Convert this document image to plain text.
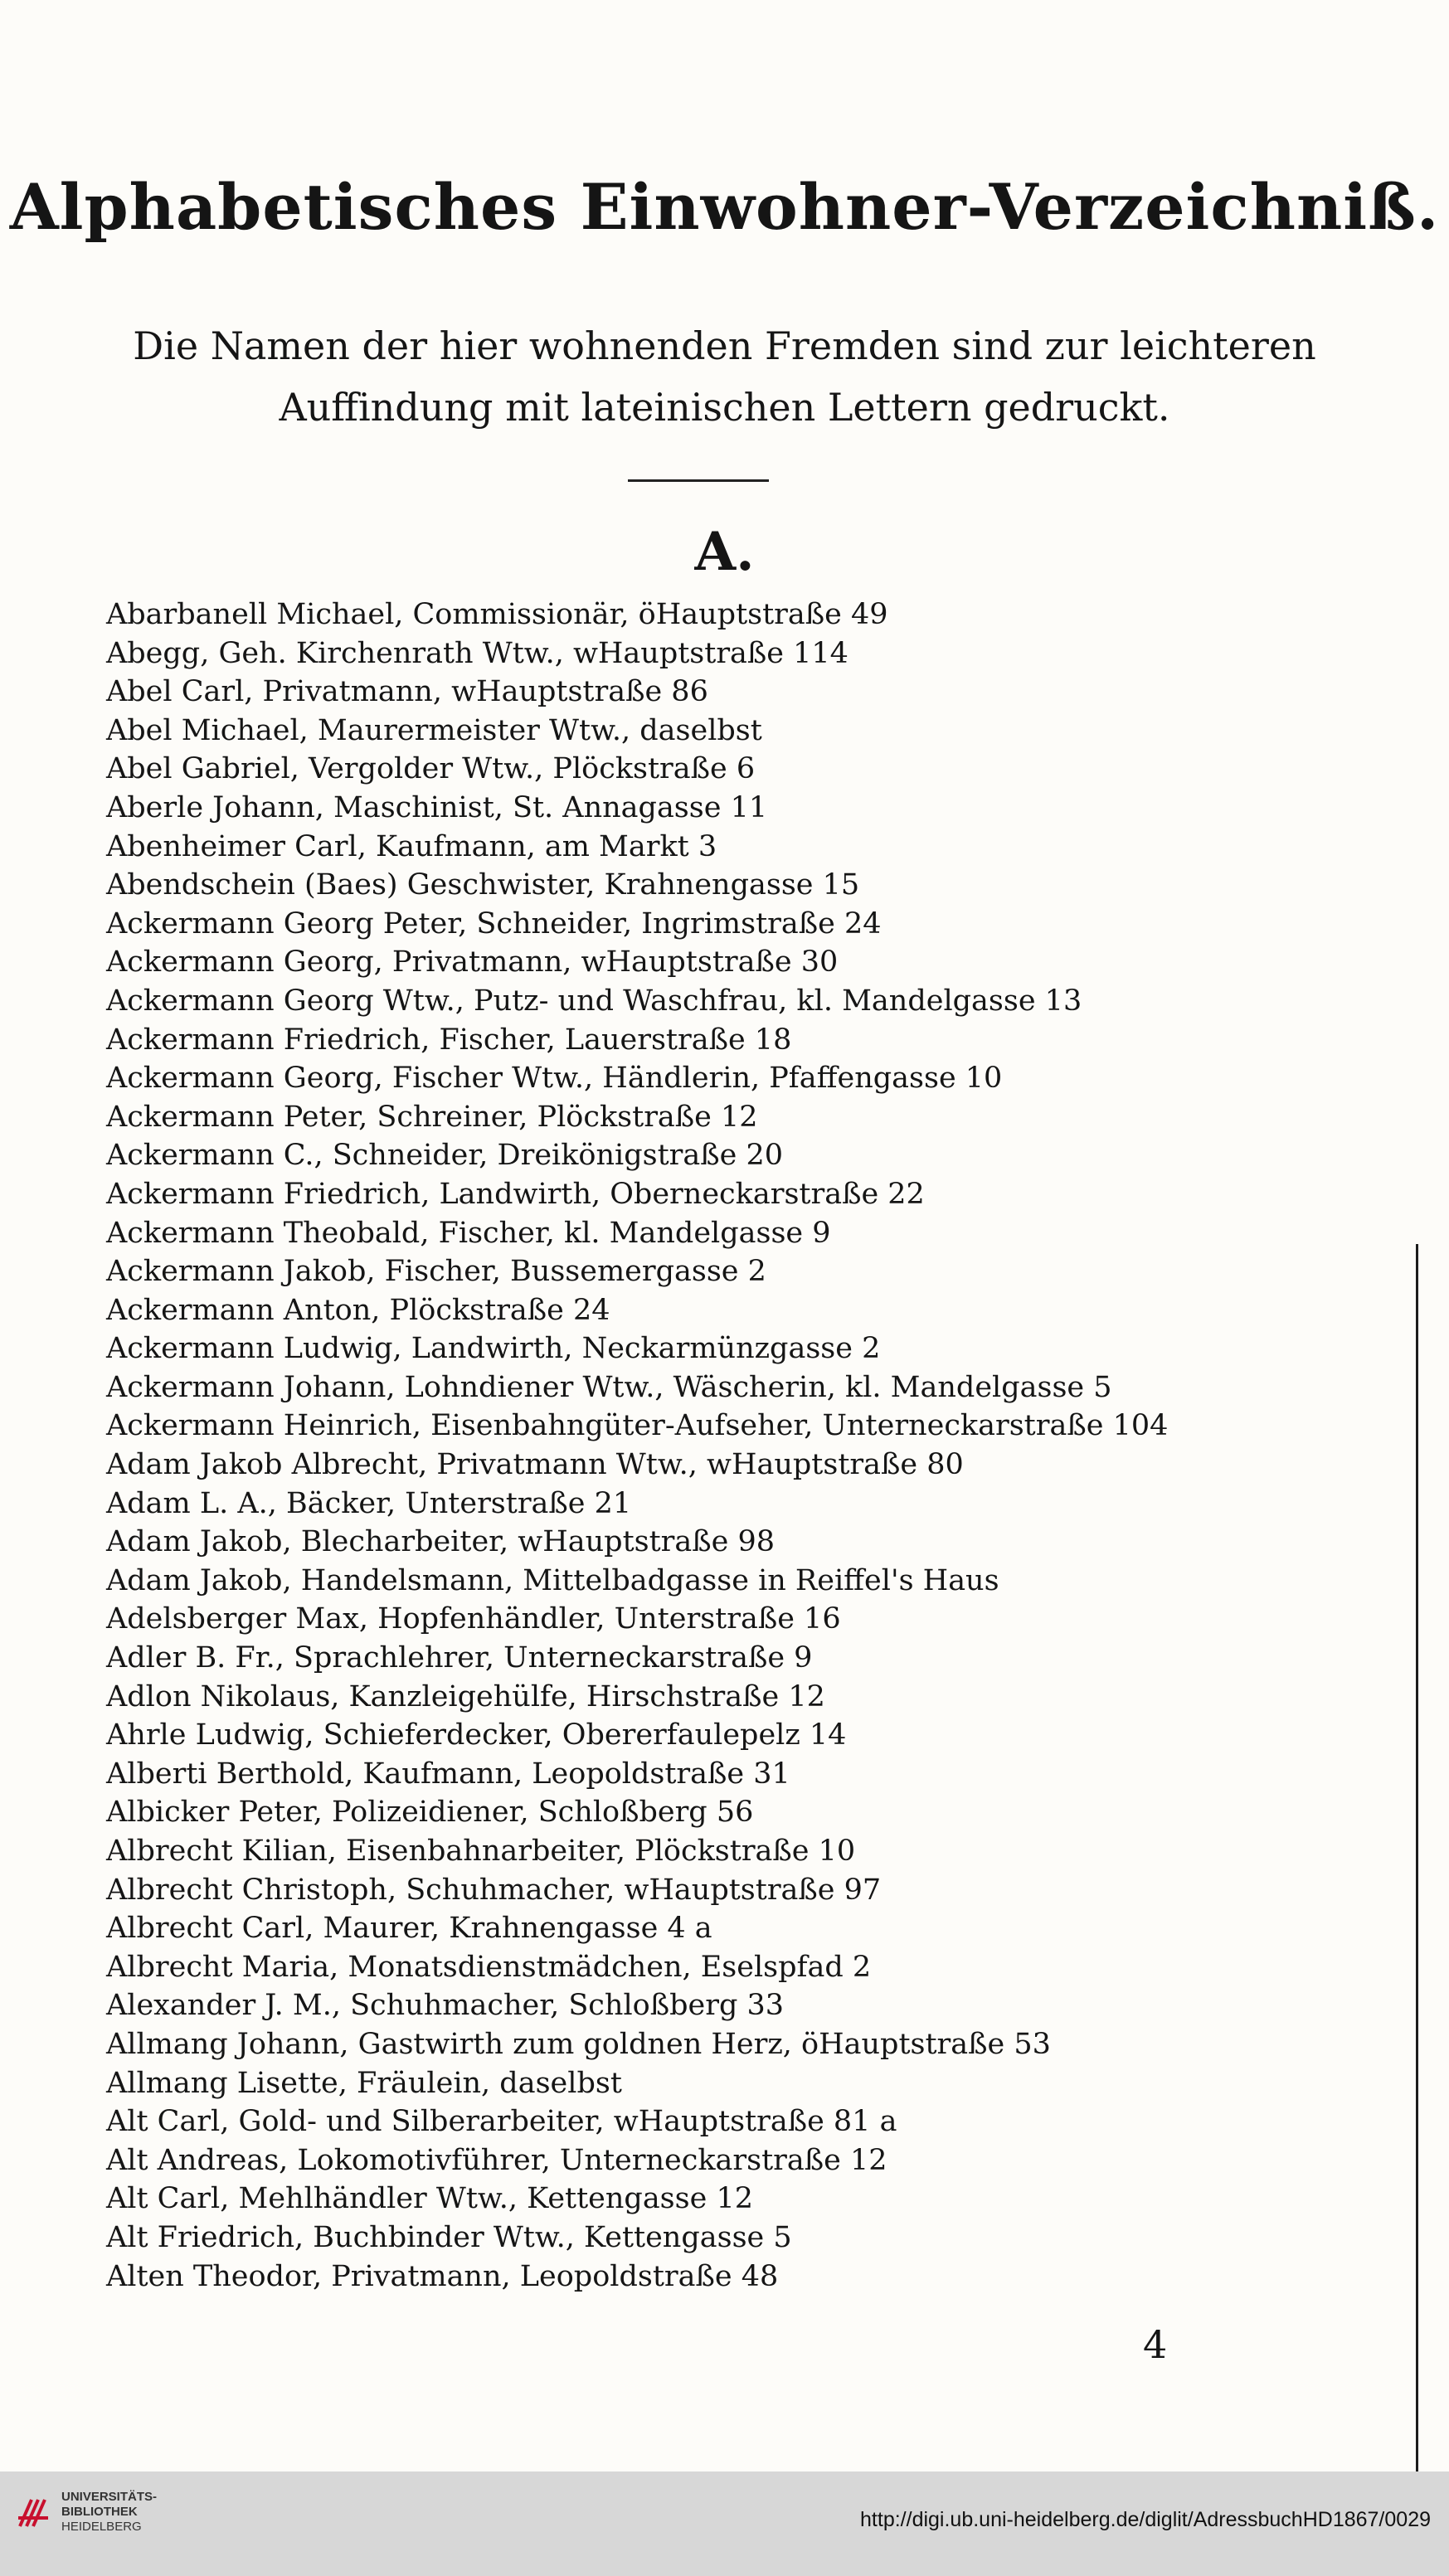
Alphabetisches Einwohner-Verzeichniß.
Die Namen der hier wohnenden Fremden sind zur leichteren
Auffindung mit lateinischen Lettern gedruckt.
A.
Abarbanell Michael, Commissionär, öHauptstraße 49
Abegg, Geh. Kirchenrath Wtw., wHauptstraße 114
Abel Carl, Privatmann, wHauptstraße 86
Abel Michael, Maurermeister Wtw., daselbst
Abel Gabriel, Vergolder Wtw., Plöckstraße 6
Aberle Johann, Maschinist, St. Annagasse 11
Abenheimer Carl, Kaufmann, am Markt 3
Abendschein (Baes) Geschwister, Krahnengasse 15
Ackermann Georg Peter, Schneider, Ingrimstraße 24
Ackermann Georg, Privatmann, wHauptstraße 30
Ackermann Georg Wtw., Putz- und Waschfrau, kl. Mandelgasse 13
Ackermann Friedrich, Fischer, Lauerstraße 18
Ackermann Georg, Fischer Wtw., Händlerin, Pfaffengasse 10
Ackermann Peter, Schreiner, Plöckstraße 12
Ackermann C., Schneider, Dreikönigstraße 20
Ackermann Friedrich, Landwirth, Oberneckarstraße 22
Ackermann Theobald, Fischer, kl. Mandelgasse 9
Ackermann Jakob, Fischer, Bussemergasse 2
Ackermann Anton, Plöckstraße 24
Ackermann Ludwig, Landwirth, Neckarmünzgasse 2
Ackermann Johann, Lohndiener Wtw., Wäscherin, kl. Mandelgasse 5
Ackermann Heinrich, Eisenbahngüter-Aufseher, Unterneckarstraße 104
Adam Jakob Albrecht, Privatmann Wtw., wHauptstraße 80
Adam L. A., Bäcker, Unterstraße 21
Adam Jakob, Blecharbeiter, wHauptstraße 98
Adam Jakob, Handelsmann, Mittelbadgasse in Reiffel's Haus
Adelsberger Max, Hopfenhändler, Unterstraße 16
Adler B. Fr., Sprachlehrer, Unterneckarstraße 9
Adlon Nikolaus, Kanzleigehülfe, Hirschstraße 12
Ahrle Ludwig, Schieferdecker, Obererfaulepelz 14
Alberti Berthold, Kaufmann, Leopoldstraße 31
Albicker Peter, Polizeidiener, Schloßberg 56
Albrecht Kilian, Eisenbahnarbeiter, Plöckstraße 10
Albrecht Christoph, Schuhmacher, wHauptstraße 97
Albrecht Carl, Maurer, Krahnengasse 4 a
Albrecht Maria, Monatsdienstmädchen, Eselspfad 2
Alexander J. M., Schuhmacher, Schloßberg 33
Allmang Johann, Gastwirth zum goldnen Herz, öHauptstraße 53
Allmang Lisette, Fräulein, daselbst
Alt Carl, Gold- und Silberarbeiter, wHauptstraße 81 a
Alt Andreas, Lokomotivführer, Unterneckarstraße 12
Alt Carl, Mehlhändler Wtw., Kettengasse 12
Alt Friedrich, Buchbinder Wtw., Kettengasse 5
Alten Theodor, Privatmann, Leopoldstraße 48
4
UNIVERSITÄTS-
BIBLIOTHEK
HEIDELBERG	http://digi.ub.uni-heidelberg.de/diglit/AdressbuchHD1867/0029
